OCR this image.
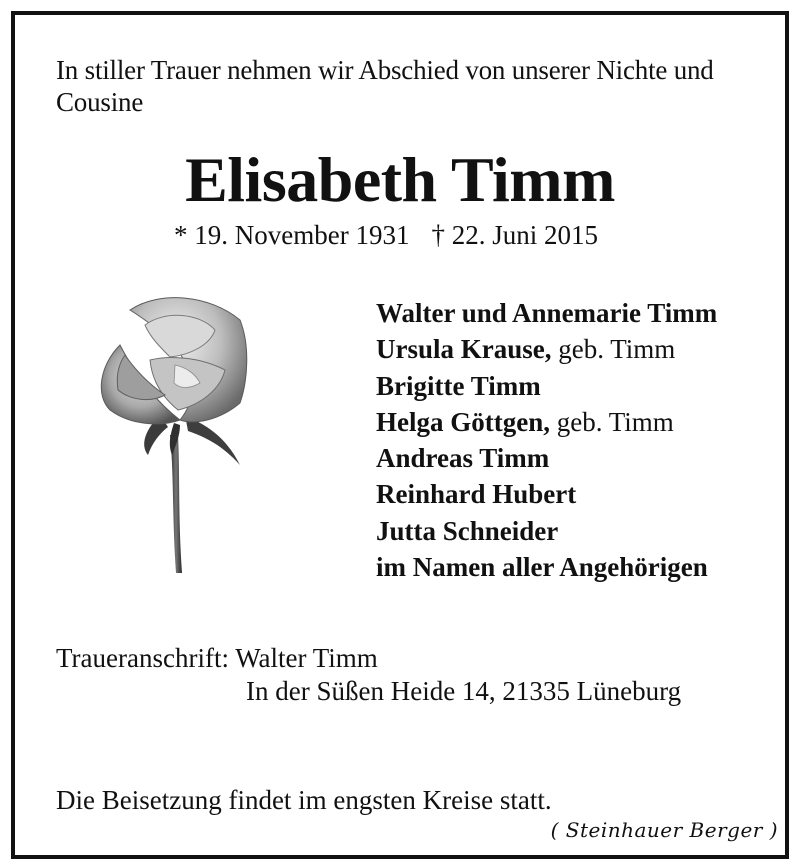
In stiller Trauer nehmen wir Abschied von unserer Nichte und Cousine
Elisabeth Timm
* 19. November 1931 † 22. Juni 2015
Walter und Annemarie Timm
Ursula Krause, geb. Timm
Brigitte Timm
Helga Göttgen, geb. Timm
Andreas Timm
Reinhard Hubert
Jutta Schneider
im Namen aller Angehörigen
Traueranschrift: Walter Timm
In der Süßen Heide 14, 21335 Lüneburg
Die Beisetzung findet im engsten Kreise statt.
( Steinhauer Berger )
